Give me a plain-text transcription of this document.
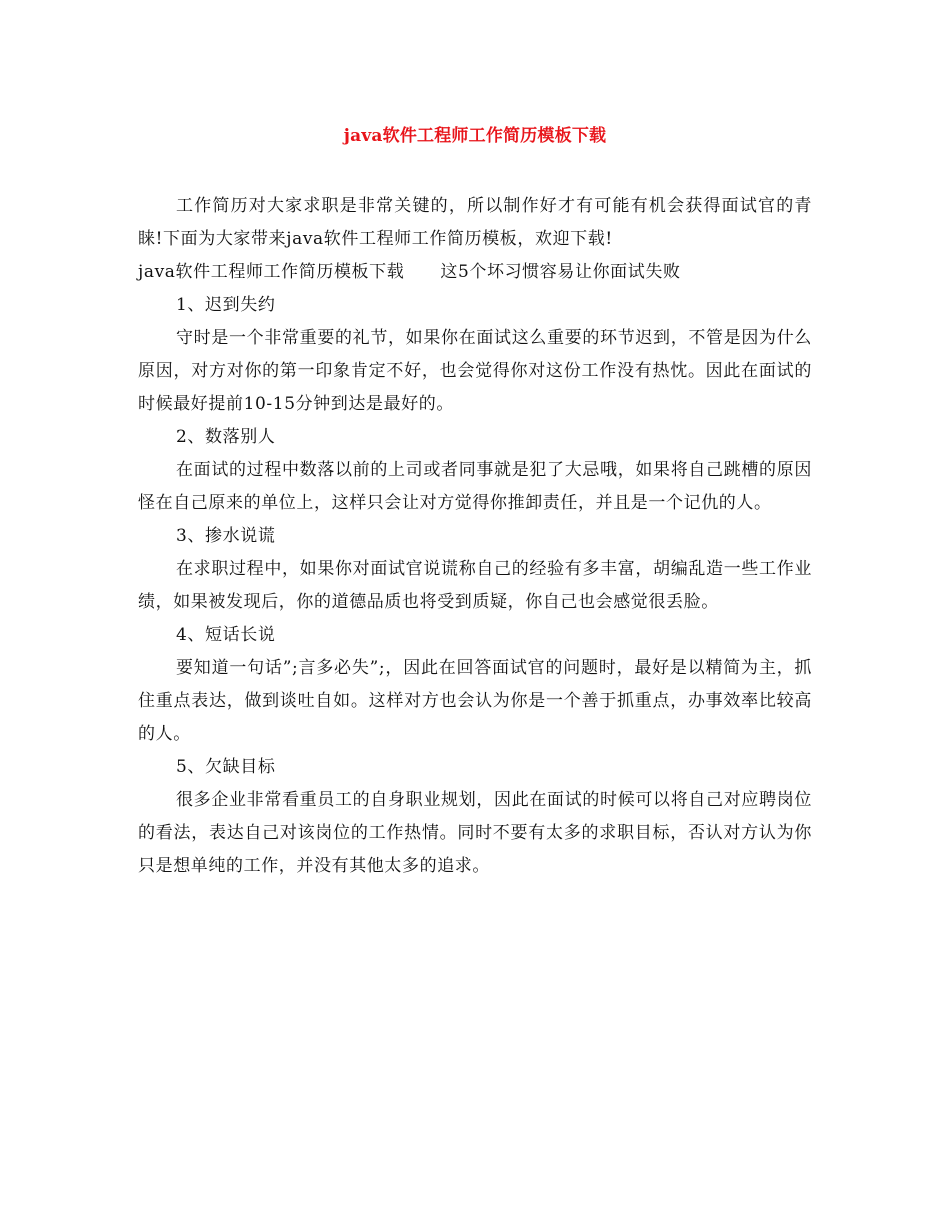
java软件工程师工作简历模板下载

工作简历对大家求职是非常关键的，所以制作好才有可能有机会获得面试官的青睐!下面为大家带来java软件工程师工作简历模板，欢迎下载!

java软件工程师工作简历模板下载 这5个坏习惯容易让你面试失败

1、迟到失约

守时是一个非常重要的礼节，如果你在面试这么重要的环节迟到，不管是因为什么原因，对方对你的第一印象肯定不好，也会觉得你对这份工作没有热忱。因此在面试的时候最好提前10-15分钟到达是最好的。

2、数落别人

在面试的过程中数落以前的上司或者同事就是犯了大忌哦，如果将自己跳槽的原因怪在自己原来的单位上，这样只会让对方觉得你推卸责任，并且是一个记仇的人。

3、掺水说谎

在求职过程中，如果你对面试官说谎称自己的经验有多丰富，胡编乱造一些工作业绩，如果被发现后，你的道德品质也将受到质疑，你自己也会感觉很丢脸。

4、短话长说

要知道一句话”;言多必失”;，因此在回答面试官的问题时，最好是以精简为主，抓住重点表达，做到谈吐自如。这样对方也会认为你是一个善于抓重点，办事效率比较高的人。

5、欠缺目标

很多企业非常看重员工的自身职业规划，因此在面试的时候可以将自己对应聘岗位的看法，表达自己对该岗位的工作热情。同时不要有太多的求职目标，否认对方认为你只是想单纯的工作，并没有其他太多的追求。
